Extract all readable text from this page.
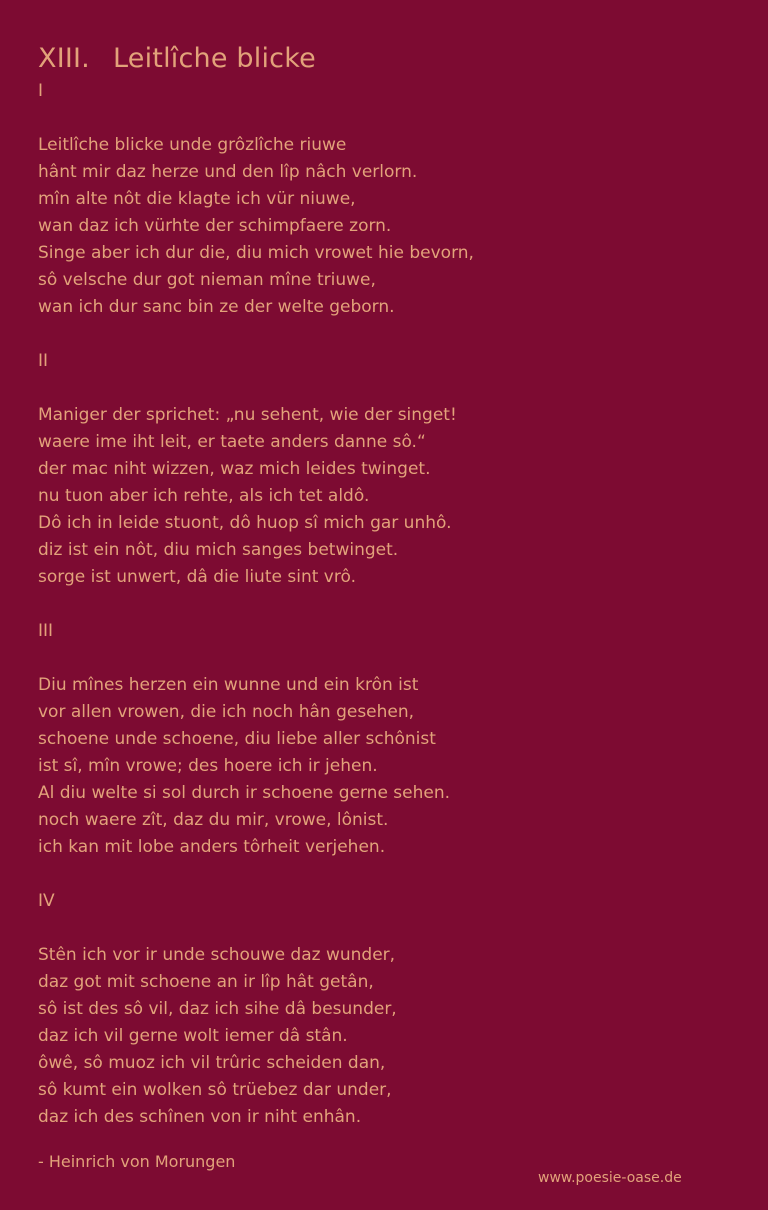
XIII. Leitlîche blicke

I

Leitlîche blicke unde grôzlîche riuwe

hânt mir daz herze und den lîp nâch verlorn.

mîn alte nôt die klagte ich vür niuwe,

wan daz ich vürhte der schimpfaere zorn.

Singe aber ich dur die, diu mich vrowet hie bevorn,

sô velsche dur got nieman mîne triuwe,

wan ich dur sanc bin ze der welte geborn.

II

Maniger der sprichet: „nu sehent, wie der singet!

waere ime iht leit, er taete anders danne sô.“

der mac niht wizzen, waz mich leides twinget.

nu tuon aber ich rehte, als ich tet aldô.

Dô ich in leide stuont, dô huop sî mich gar unhô.

diz ist ein nôt, diu mich sanges betwinget.

sorge ist unwert, dâ die liute sint vrô.

III

Diu mînes herzen ein wunne und ein krôn ist

vor allen vrowen, die ich noch hân gesehen,

schoene unde schoene, diu liebe aller schônist

ist sî, mîn vrowe; des hoere ich ir jehen.

Al diu welte si sol durch ir schoene gerne sehen.

noch waere zît, daz du mir, vrowe, lônist.

ich kan mit lobe anders tôrheit verjehen.

IV

Stên ich vor ir unde schouwe daz wunder,

daz got mit schoene an ir lîp hât getân,

sô ist des sô vil, daz ich sihe dâ besunder,

daz ich vil gerne wolt iemer dâ stân.

ôwê, sô muoz ich vil trûric scheiden dan,

sô kumt ein wolken sô trüebez dar under,

daz ich des schînen von ir niht enhân.

- Heinrich von Morungen
www.poesie-oase.de
